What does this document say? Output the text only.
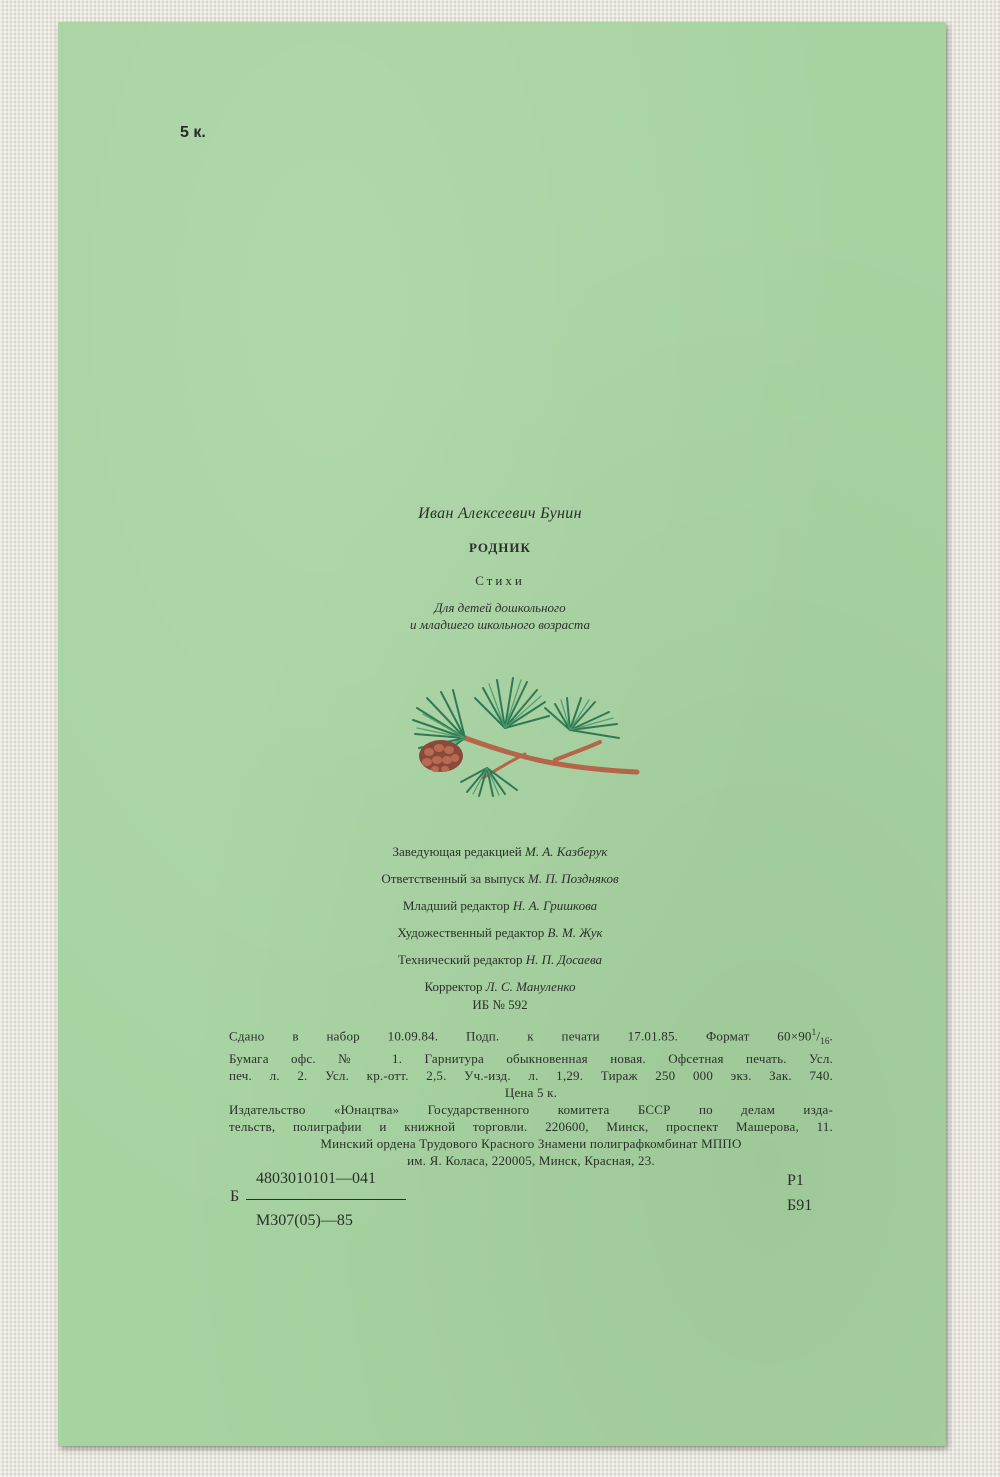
5 к.
Иван Алексеевич Бунин
РОДНИК
Стихи
Для детей дошкольного
и младшего школьного возраста
Заведующая редакцией М. А. Казберук
Ответственный за выпуск М. П. Поздняков
Младший редактор Н. А. Гришкова
Художественный редактор В. М. Жук
Технический редактор Н. П. Досаева
Корректор Л. С. Мануленко
ИБ № 592

Сдано в набор 10.09.84. Подп. к печати 17.01.85. Формат $60\times 90^1/_{16}$.

Бумага офс. № 1. Гарнитура обыкновенная новая. Офсетная печать. Усл.

печ. л. 2. Усл. кр.-отт. 2,5. Уч.-изд. л. 1,29. Тираж 250 000 экз. Зак. 740.

Цена 5 к.

Издательство «Юнацтва» Государственного комитета БССР по делам изда-

тельств, полиграфии и книжной торговли. 220600, Минск, проспект Машерова, 11.

Минский ордена Трудового Красного Знамени полиграфкомбинат МППО

им. Я. Коласа, 220005, Минск, Красная, 23.

Б
4803010101—041
М307(05)—85
Р1
Б91
